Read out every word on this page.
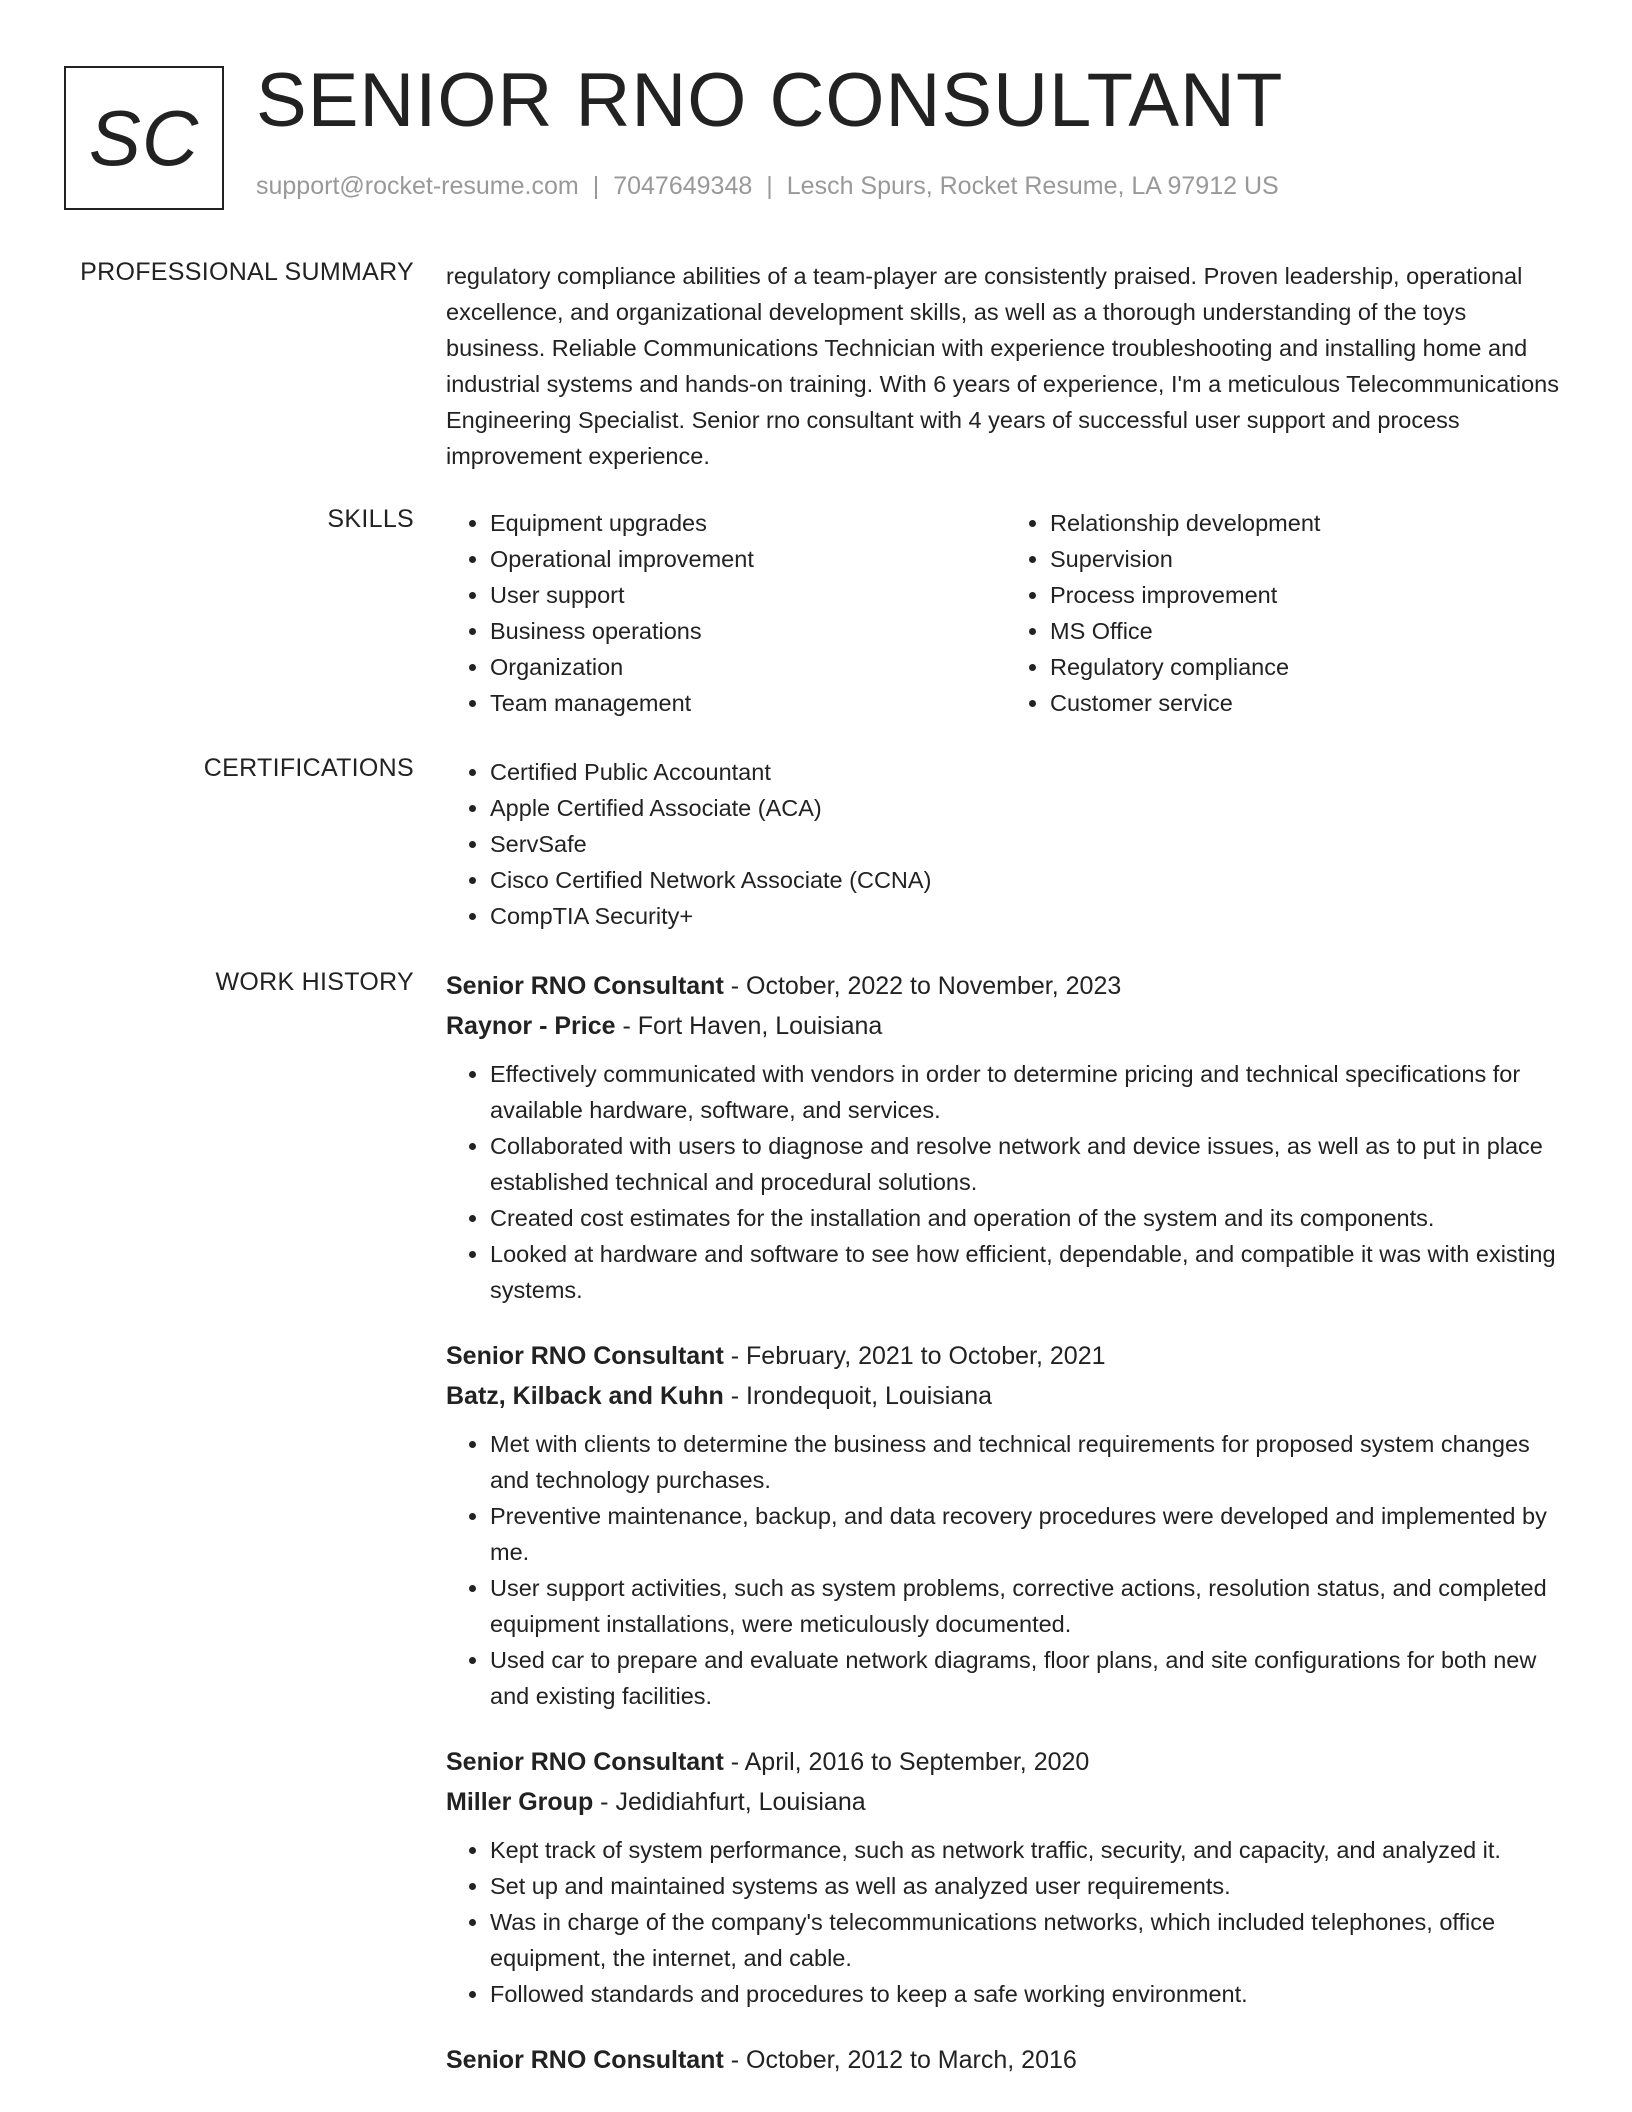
SC SENIOR RNO CONSULTANT
support@rocket-resume.com | 7047649348 | Lesch Spurs, Rocket Resume, LA 97912 US
PROFESSIONAL SUMMARY regulatory compliance abilities of a team-player are consistently praised. Proven leadership, operational excellence, and organizational development skills, as well as a thorough understanding of the toys business. Reliable Communications Technician with experience troubleshooting and installing home and industrial systems and hands-on training. With 6 years of experience, I'm a meticulous Telecommunications Engineering Specialist. Senior rno consultant with 4 years of successful user support and process improvement experience.
SKILLS	• Equipment upgrades
• Operational improvement
• User support
• Business operations
• Organization
• Team management
• Relationship development
• Supervision
• Process improvement
• MS Office
• Regulatory compliance
• Customer service
CERTIFICATIONS	• Certified Public Accountant
• Apple Certified Associate (ACA)
• ServSafe
• Cisco Certified Network Associate (CCNA)
• CompTIA Security+
WORK HISTORY Senior RNO Consultant - October, 2022 to November, 2023
Raynor - Price - Fort Haven, Louisiana
• Effectively communicated with vendors in order to determine pricing and technical specifications for available hardware, software, and services.
• Collaborated with users to diagnose and resolve network and device issues, as well as to put in place established technical and procedural solutions.
• Created cost estimates for the installation and operation of the system and its components.
• Looked at hardware and software to see how efficient, dependable, and compatible it was with existing systems.
Senior RNO Consultant - February, 2021 to October, 2021
Batz, Kilback and Kuhn - Irondequoit, Louisiana
• Met with clients to determine the business and technical requirements for proposed system changes and technology purchases.
• Preventive maintenance, backup, and data recovery procedures were developed and implemented by me.
• User support activities, such as system problems, corrective actions, resolution status, and completed equipment installations, were meticulously documented.
• Used car to prepare and evaluate network diagrams, floor plans, and site configurations for both new and existing facilities.
Senior RNO Consultant - April, 2016 to September, 2020
Miller Group - Jedidiahfurt, Louisiana
• Kept track of system performance, such as network traffic, security, and capacity, and analyzed it.
• Set up and maintained systems as well as analyzed user requirements.
• Was in charge of the company's telecommunications networks, which included telephones, office equipment, the internet, and cable.
• Followed standards and procedures to keep a safe working environment.
Senior RNO Consultant - October, 2012 to March, 2016
